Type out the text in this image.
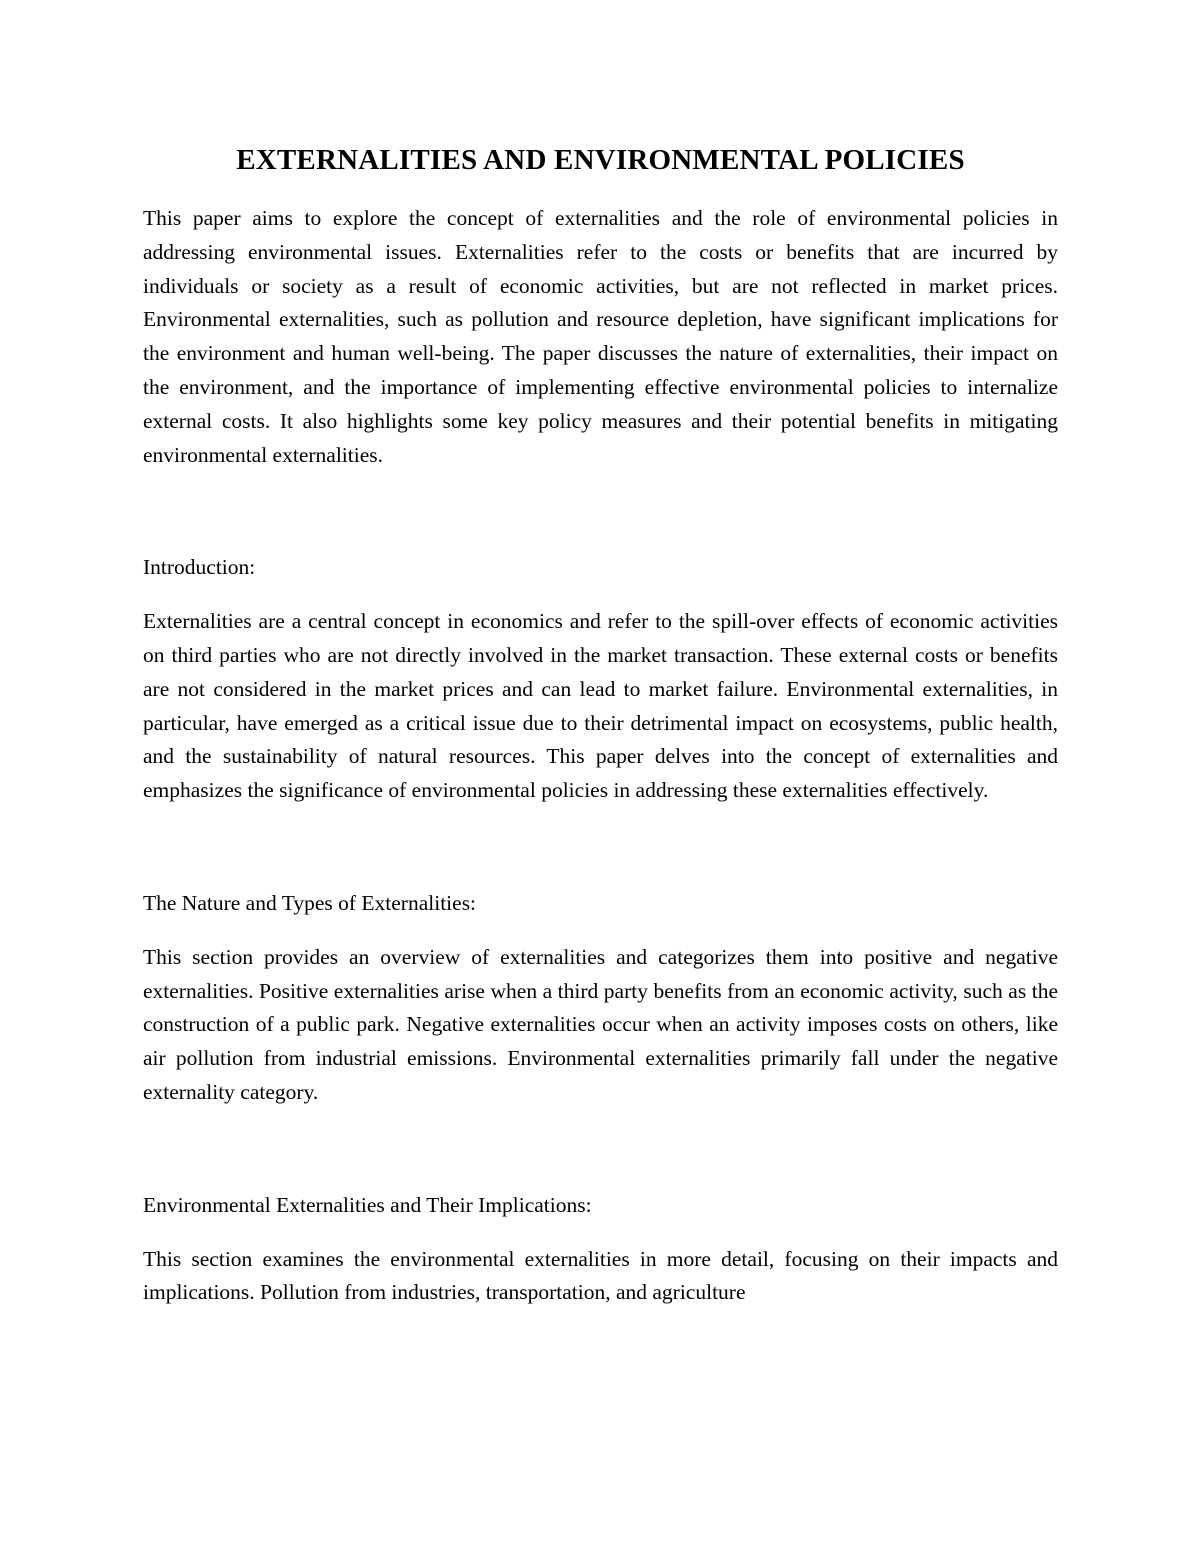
EXTERNALITIES AND ENVIRONMENTAL POLICIES

This paper aims to explore the concept of externalities and the role of environmental policies in addressing environmental issues. Externalities refer to the costs or benefits that are incurred by individuals or society as a result of economic activities, but are not reflected in market prices. Environmental externalities, such as pollution and resource depletion, have significant implications for the environment and human well-being. The paper discusses the nature of externalities, their impact on the environment, and the importance of implementing effective environmental policies to internalize external costs. It also highlights some key policy measures and their potential benefits in mitigating environmental externalities.

Introduction:

Externalities are a central concept in economics and refer to the spill-over effects of economic activities on third parties who are not directly involved in the market transaction. These external costs or benefits are not considered in the market prices and can lead to market failure. Environmental externalities, in particular, have emerged as a critical issue due to their detrimental impact on ecosystems, public health, and the sustainability of natural resources. This paper delves into the concept of externalities and emphasizes the significance of environmental policies in addressing these externalities effectively.

The Nature and Types of Externalities:

This section provides an overview of externalities and categorizes them into positive and negative externalities. Positive externalities arise when a third party benefits from an economic activity, such as the construction of a public park. Negative externalities occur when an activity imposes costs on others, like air pollution from industrial emissions. Environmental externalities primarily fall under the negative externality category.

Environmental Externalities and Their Implications:

This section examines the environmental externalities in more detail, focusing on their impacts and implications. Pollution from industries, transportation, and agriculture
